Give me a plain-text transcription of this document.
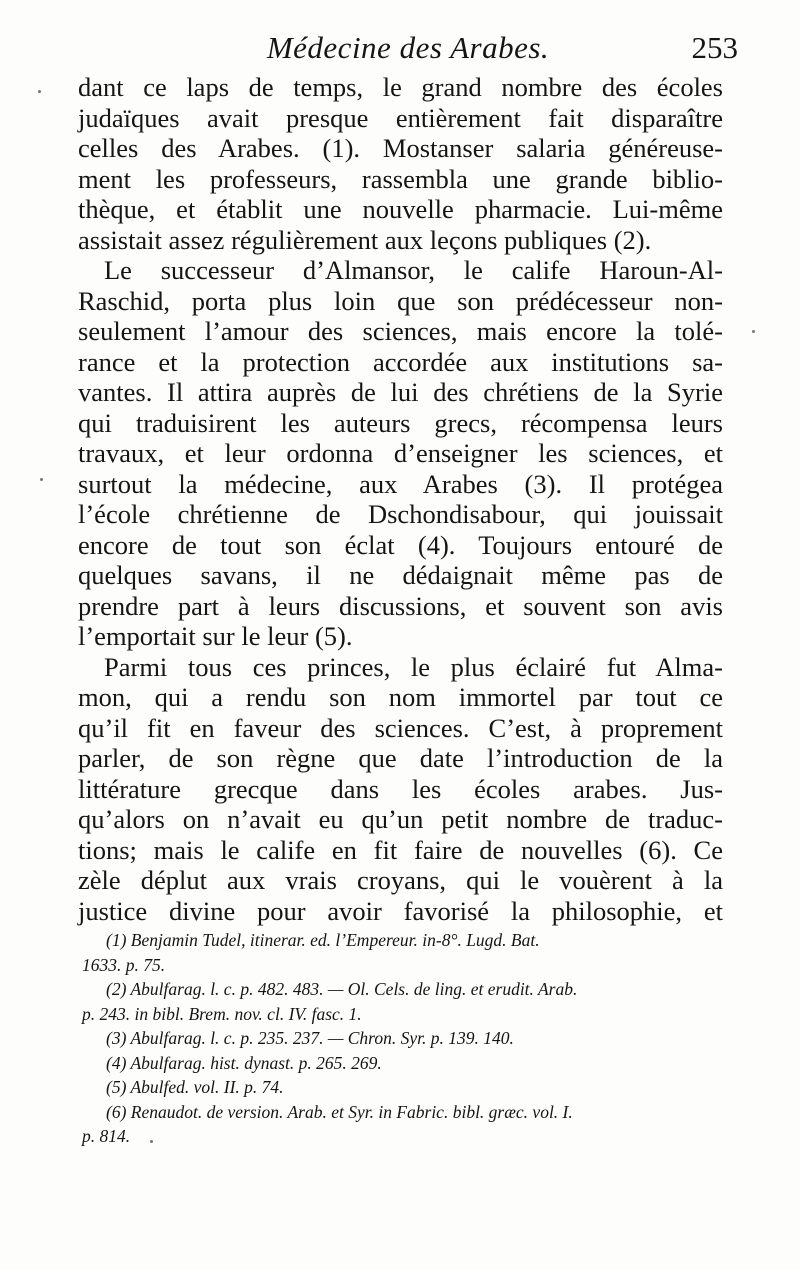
Médecine des Arabes.	253
dant ce laps de temps, le grand nombre des écoles
judaïques avait presque entièrement fait disparaître
celles des Arabes. (1). Mostanser salaria généreuse-
ment les professeurs, rassembla une grande biblio-
thèque, et établit une nouvelle pharmacie. Lui-même
assistait assez régulièrement aux leçons publiques (2).
Le successeur d’Almansor, le calife Haroun-Al-
Raschid, porta plus loin que son prédécesseur non-
seulement l’amour des sciences, mais encore la tolé-
rance et la protection accordée aux institutions sa-
vantes. Il attira auprès de lui des chrétiens de la Syrie
qui traduisirent les auteurs grecs, récompensa leurs
travaux, et leur ordonna d’enseigner les sciences, et
surtout la médecine, aux Arabes (3). Il protégea
l’école chrétienne de Dschondisabour, qui jouissait
encore de tout son éclat (4). Toujours entouré de
quelques savans, il ne dédaignait même pas de
prendre part à leurs discussions, et souvent son avis
l’emportait sur le leur (5).
Parmi tous ces princes, le plus éclairé fut Alma-
mon, qui a rendu son nom immortel par tout ce
qu’il fit en faveur des sciences. C’est, à proprement
parler, de son règne que date l’introduction de la
littérature grecque dans les écoles arabes. Jus-
qu’alors on n’avait eu qu’un petit nombre de traduc-
tions; mais le calife en fit faire de nouvelles (6). Ce
zèle déplut aux vrais croyans, qui le vouèrent à la
justice divine pour avoir favorisé la philosophie, et
(1) Benjamin Tudel, itinerar. ed. l’Empereur. in-8°. Lugd. Bat.
1633. p. 75.
(2) Abulfarag. l. c. p. 482. 483. — Ol. Cels. de ling. et erudit. Arab.
p. 243. in bibl. Brem. nov. cl. IV. fasc. 1.
(3) Abulfarag. l. c. p. 235. 237. — Chron. Syr. p. 139. 140.
(4) Abulfarag. hist. dynast. p. 265. 269.
(5) Abulfed. vol. II. p. 74.
(6) Renaudot. de version. Arab. et Syr. in Fabric. bibl. græc. vol. I.
p. 814.
